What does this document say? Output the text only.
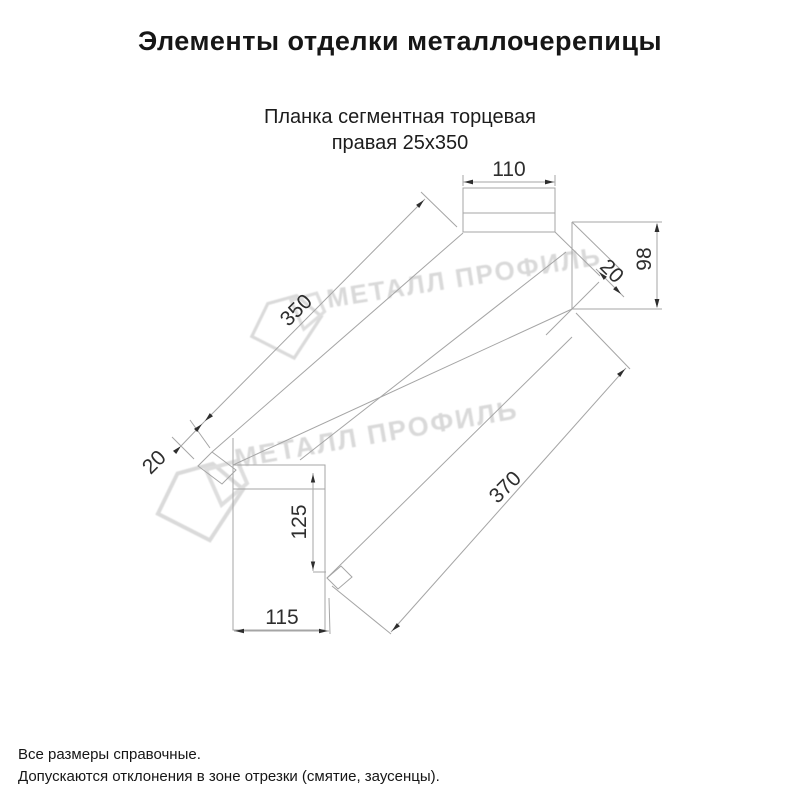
МЕТАЛЛ ПРОФИЛЬ
МЕТАЛЛ ПРОФИЛЬ
110
98
20
350
20
370
125
115
Элементы отделки металлочерепицы
Планка сегментная торцевая
правая 25х350
Все размеры справочные.
Допускаются отклонения в зоне отрезки (смятие, заусенцы).
